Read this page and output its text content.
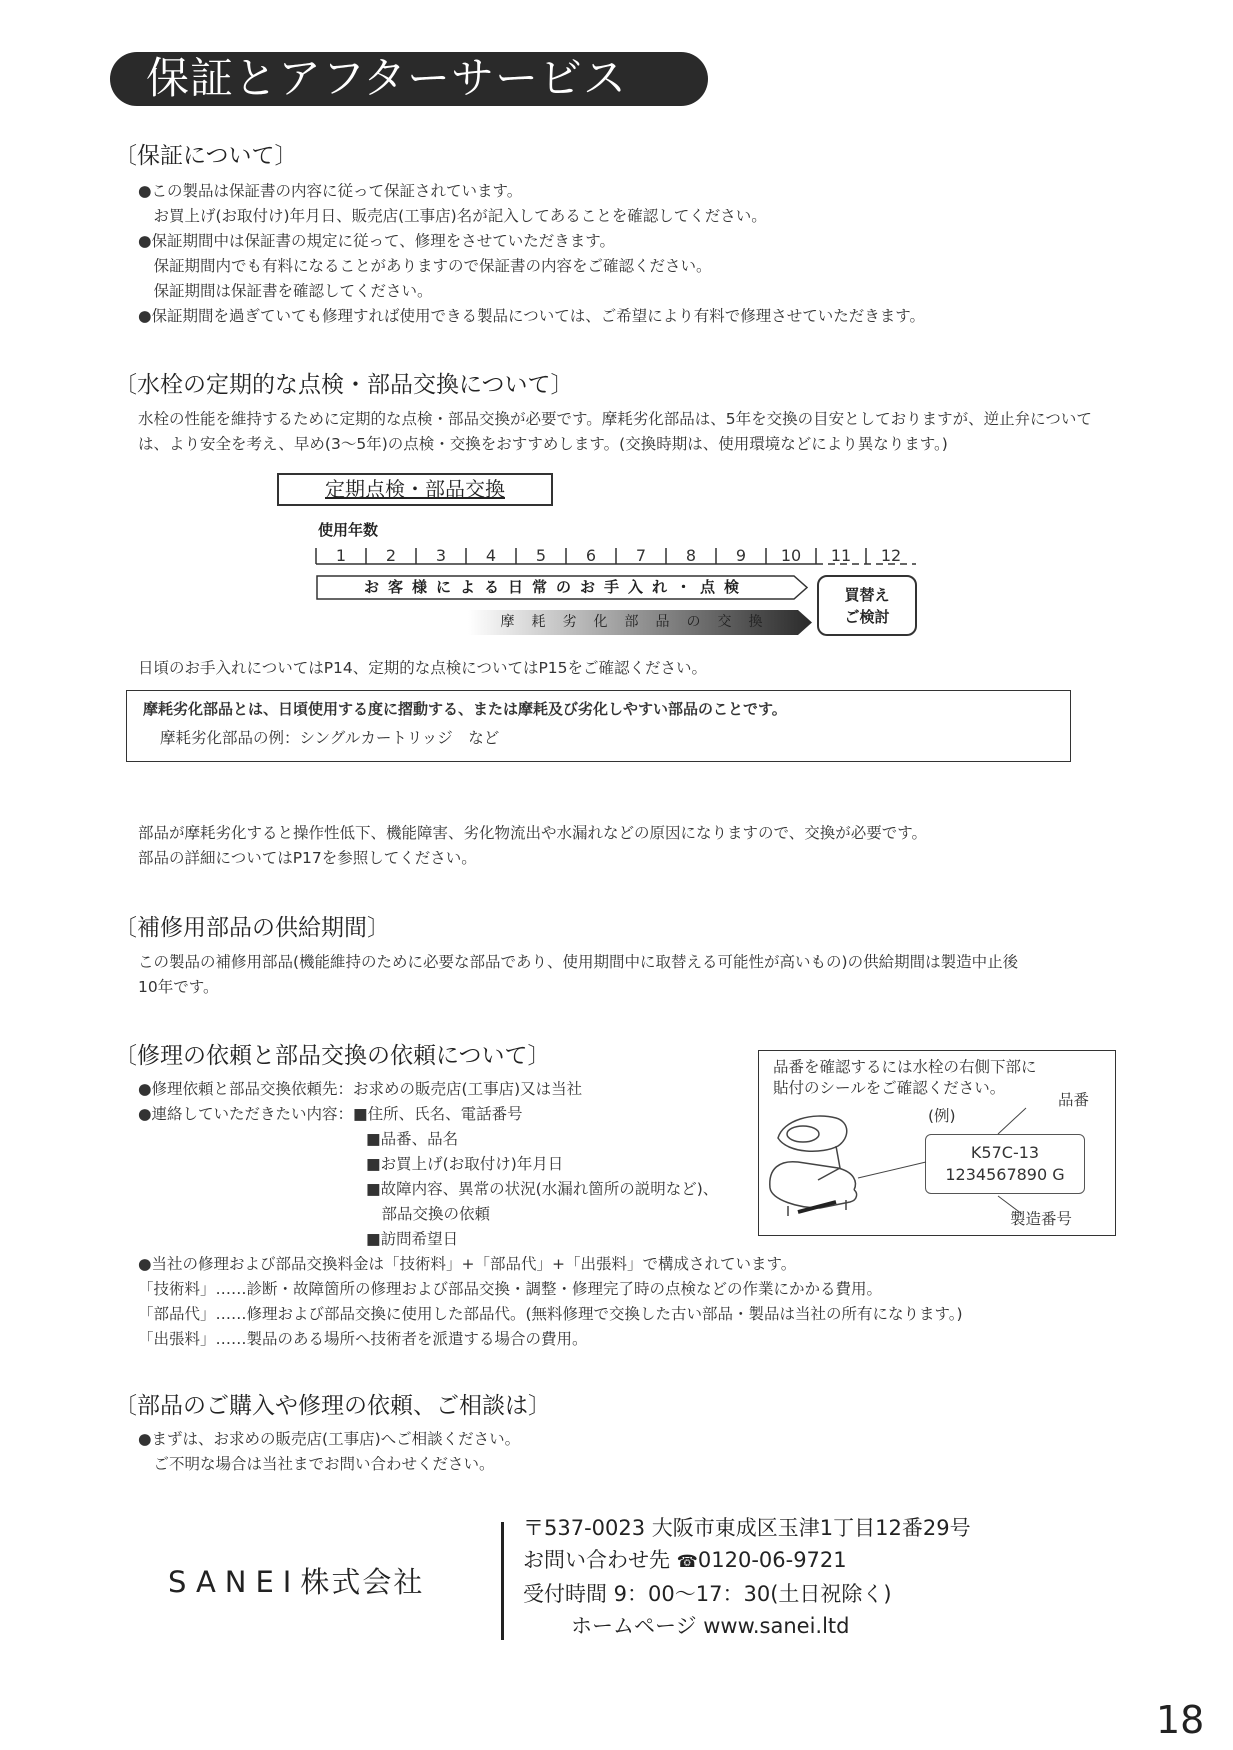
保証とアフターサービス
〔保証について〕
●この製品は保証書の内容に従って保証されています。
　お買上げ(お取付け)年月日、販売店(工事店)名が記入してあることを確認してください。
●保証期間中は保証書の規定に従って、修理をさせていただきます。
　保証期間内でも有料になることがありますので保証書の内容をご確認ください。
　保証期間は保証書を確認してください。
●保証期間を過ぎていても修理すれば使用できる製品については、ご希望により有料で修理させていただきます。
〔水栓の定期的な点検・部品交換について〕
水栓の性能を維持するために定期的な点検・部品交換が必要です。摩耗劣化部品は、5年を交換の目安としておりますが、逆止弁について
は、より安全を考え、早め(3～5年)の点検・交換をおすすめします。(交換時期は、使用環境などにより異なります。)
定期点検・部品交換
使用年数
1 2 3 4 5 6 7 8 9 10 11 12
お客様による日常のお手入れ・点検
摩耗劣化部品の交換
買替え
ご検討
日頃のお手入れについてはP14、定期的な点検についてはP15をご確認ください。
摩耗劣化部品とは、日頃使用する度に摺動する、または摩耗及び劣化しやすい部品のことです。
摩耗劣化部品の例：シングルカートリッジ　など
部品が摩耗劣化すると操作性低下、機能障害、劣化物流出や水漏れなどの原因になりますので、交換が必要です。
部品の詳細についてはP17を参照してください。
〔補修用部品の供給期間〕
この製品の補修用部品(機能維持のために必要な部品であり、使用期間中に取替える可能性が高いもの)の供給期間は製造中止後
10年です。
〔修理の依頼と部品交換の依頼について〕
●修理依頼と部品交換依頼先：お求めの販売店(工事店)又は当社
●連絡していただきたい内容：■住所、氏名、電話番号
■品番、品名
■お買上げ(お取付け)年月日
■故障内容、異常の状況(水漏れ箇所の説明など)、
　部品交換の依頼
■訪問希望日
●当社の修理および部品交換料金は「技術料」+「部品代」+「出張料」で構成されています。
「技術料」……診断・故障箇所の修理および部品交換・調整・修理完了時の点検などの作業にかかる費用。
「部品代」……修理および部品交換に使用した部品代。(無料修理で交換した古い部品・製品は当社の所有になります。)
「出張料」……製品のある場所へ技術者を派遣する場合の費用。
品番を確認するには水栓の右側下部に
貼付のシールをご確認ください。
品番
(例)
K57C-13
1234567890 G
製造番号
〔部品のご購入や修理の依頼、ご相談は〕
●まずは、お求めの販売店(工事店)へご相談ください。
　ご不明な場合は当社までお問い合わせください。
SANEI株式会社
〒537-0023 大阪市東成区玉津1丁目12番29号
お問い合わせ先 ☎0120-06-9721
受付時間 9：00～17：30(土日祝除く)
ホームページ www.sanei.ltd
18
